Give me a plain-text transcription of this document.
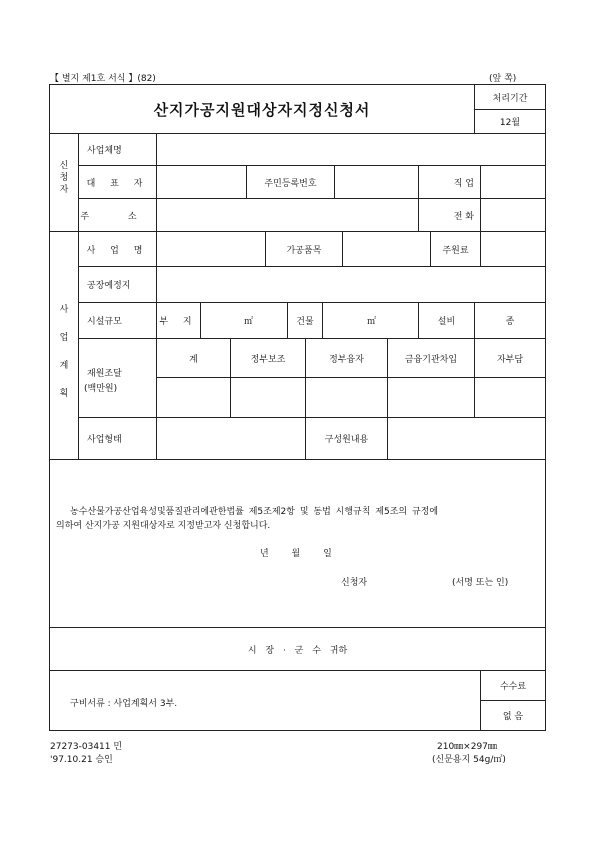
【 별지 제1호 서식 】(82)	(앞 쪽)
산지가공지원대상자지정신청서
처리기간
12월
신
청
자
사업체명
대 표 자	주민등록번호	직 업
주 소	전 화
사
업
계
획
사 업 명	가공품목	주원료
공장예정지
시설규모	부 지	㎡	건물	㎡	설비	종
재원조달
(백만원)
계	정부보조	정부융자	금융기관차입	자부담
사업형태	구성원내용
농수산물가공산업육성및품질관리에관한법률 제5조제2항 및 동법 시행규칙 제5조의 규정에
의하여 산지가공 지원대상자로 지정받고자 신청합니다.
년 월 일
신청자	(서명 또는 인)
시 장 · 군 수 귀하
구비서류 : 사업계획서 3부.
수수료
없 음
27273-03411 민
'97.10.21 승인
210㎜×297㎜
(신문용지 54g/㎡)
